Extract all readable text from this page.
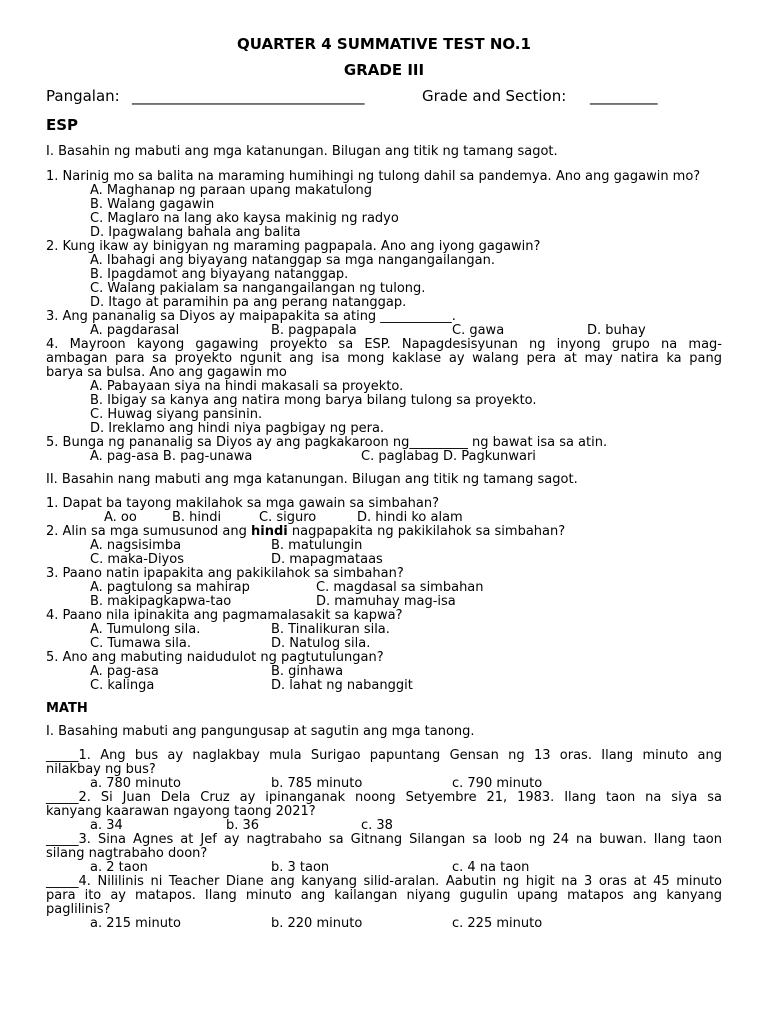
QUARTER 4 SUMMATIVE TEST NO.1
GRADE III
Pangalan: _______________________________	Grade and Section: _________
ESP
I. Basahin ng mabuti ang mga katanungan. Bilugan ang titik ng tamang sagot.
1. Narinig mo sa balita na maraming humihingi ng tulong dahil sa pandemya. Ano ang gagawin mo?
A. Maghanap ng paraan upang makatulong
B. Walang gagawin
C. Maglaro na lang ako kaysa makinig ng radyo
D. Ipagwalang bahala ang balita
2. Kung ikaw ay binigyan ng maraming pagpapala. Ano ang iyong gagawin?
A. Ibahagi ang biyayang natanggap sa mga nangangailangan.
B. Ipagdamot ang biyayang natanggap.
C. Walang pakialam sa nangangailangan ng tulong.
D. Itago at paramihin pa ang perang natanggap.
3. Ang pananalig sa Diyos ay maipapakita sa ating ___________.
A. pagdarasal	B. pagpapala	C. gawa	D. buhay
4. Mayroon kayong gagawing proyekto sa ESP. Napagdesisyunan ng inyong grupo na mag-
ambagan para sa proyekto ngunit ang isa mong kaklase ay walang pera at may natira ka pang
barya sa bulsa. Ano ang gagawin mo
A. Pabayaan siya na hindi makasali sa proyekto.
B. Ibigay sa kanya ang natira mong barya bilang tulong sa proyekto.
C. Huwag siyang pansinin.
D. Ireklamo ang hindi niya pagbigay ng pera.
5. Bunga ng pananalig sa Diyos ay ang pagkakaroon ng_________ ng bawat isa sa atin.
A. pag-asa B. pag-unawa	C. paglabag D. Pagkunwari
II. Basahin nang mabuti ang mga katanungan. Bilugan ang titik ng tamang sagot.
1. Dapat ba tayong makilahok sa mga gawain sa simbahan?
A. oo	B. hindi	C. siguro	D. hindi ko alam
2. Alin sa mga sumusunod ang hindi nagpapakita ng pakikilahok sa simbahan?
A. nagsisimba	B. matulungin
C. maka-Diyos	D. mapagmataas
3. Paano natin ipapakita ang pakikilahok sa simbahan?
A. pagtulong sa mahirap	C. magdasal sa simbahan
B. makipagkapwa-tao	D. mamuhay mag-isa
4. Paano nila ipinakita ang pagmamalasakit sa kapwa?
A. Tumulong sila.	B. Tinalikuran sila.
C. Tumawa sila.	D. Natulog sila.
5. Ano ang mabuting naidudulot ng pagtutulungan?
A. pag-asa	B. ginhawa
C. kalinga	D. lahat ng nabanggit
MATH
I. Basahing mabuti ang pangungusap at sagutin ang mga tanong.
_____1. Ang bus ay naglakbay mula Surigao papuntang Gensan ng 13 oras. Ilang minuto ang
nilakbay ng bus?
a. 780 minuto	b. 785 minuto	c. 790 minuto
_____2. Si Juan Dela Cruz ay ipinanganak noong Setyembre 21, 1983. Ilang taon na siya sa
kanyang kaarawan ngayong taong 2021?
a. 34	b. 36	c. 38
_____3. Sina Agnes at Jef ay nagtrabaho sa Gitnang Silangan sa loob ng 24 na buwan. Ilang taon
silang nagtrabaho doon?
a. 2 taon	b. 3 taon	c. 4 na taon
_____4. Nililinis ni Teacher Diane ang kanyang silid-aralan. Aabutin ng higit na 3 oras at 45 minuto
para ito ay matapos. Ilang minuto ang kailangan niyang gugulin upang matapos ang kanyang
paglilinis?
a. 215 minuto	b. 220 minuto	c. 225 minuto
